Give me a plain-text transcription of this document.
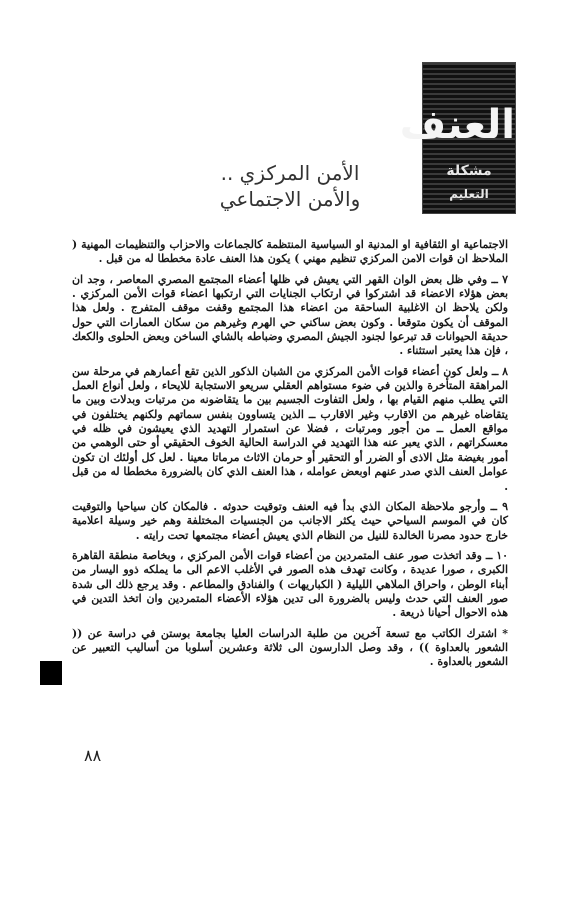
العنف
مشكلة
التعليم
الأمن المركزي ..
والأمن الاجتماعي

الاجتماعية او الثقافية او المدنية او السياسية المنتظمة كالجماعات والاحزاب والتنظيمات المهنية ( الملاحظ ان قوات الامن المركزي تنظيم مهني ) يكون هذا العنف عادة مخططا له من قبل .

٧ ــ وفي ظل بعض الوان القهر التي يعيش في ظلها أعضاء المجتمع المصري المعاصر ، وجد ان بعض هؤلاء الاعضاء قد اشتركوا في ارتكاب الجنايات التي ارتكبها اعضاء قوات الأمن المركزي . ولكن يلاحظ ان الاغلبية الساحقة من اعضاء هذا المجتمع وقفت موقف المتفرج . ولعل هذا الموقف أن يكون متوقعا . وكون بعض ساكني حي الهرم وغيرهم من سكان العمارات التي حول حديقة الحيوانات قد تبرعوا لجنود الجيش المصري وضباطه بالشاي الساخن وبعض الحلوى والكعك ، فإن هذا يعتبر استثناء .

٨ ــ ولعل كون أعضاء قوات الأمن المركزي من الشبان الذكور الذين تقع أعمارهم في مرحلة سن المراهقة المتأخرة والذين في ضوء مستواهم العقلي سريعو الاستجابة للايحاء ، ولعل أنواع العمل التي يطلب منهم القيام بها ، ولعل التفاوت الجسيم بين ما يتقاضونه من مرتبات وبدلات وبين ما يتقاضاه غيرهم من الاقارب وغير الاقارب ــ الذين يتساوون بنفس سماتهم ولكنهم يختلفون في مواقع العمل ــ من أجور ومرتبات ، فضلا عن استمرار التهديد الذي يعيشون في ظله في معسكراتهم ، الذي يعبر عنه هذا التهديد في الدراسة الحالية الخوف الحقيقي أو حتى الوهمي من أمور بغيضة مثل الاذى أو الضرر أو التحقير أو حرمان الاثاث مرماتا معينا . لعل كل أولئك ان تكون عوامل العنف الذي صدر عنهم اوبعض عوامله ، هذا العنف الذي كان بالضرورة مخططا له من قبل .

٩ ــ وأرجو ملاحظة المكان الذي بدأ فيه العنف وتوقيت حدوثه . فالمكان كان سياحيا والتوقيت كان في الموسم السياحي حيث يكثر الاجانب من الجنسيات المختلفة وهم خير وسيلة اعلامية خارج حدود مصرنا الخالدة للنيل من النظام الذي يعيش أعضاء مجتمعها تحت رايته .

١٠ ــ وقد اتخذت صور عنف المتمردين من أعضاء قوات الأمن المركزي ، وبخاصة منطقة القاهرة الكبرى ، صورا عديدة ، وكانت تهدف هذه الصور في الأغلب الاعم الى ما يملكه ذوو اليسار من أبناء الوطن ، واحراق الملاهي الليلية ( الكباريهات ) والفنادق والمطاعم . وقد يرجع ذلك الى شدة صور العنف التي حدث وليس بالضرورة الى تدين هؤلاء الأعضاء المتمردين وان اتخذ التدين في هذه الاحوال أحيانا ذريعة .

* اشترك الكاتب مع تسعة آخرين من طلبة الدراسات العليا بجامعة بوستن في دراسة عن (( الشعور بالعداوة )) ، وقد وصل الدارسون الى ثلاثة وعشرين أسلوبا من أساليب التعبير عن الشعور بالعداوة .

٨٨
